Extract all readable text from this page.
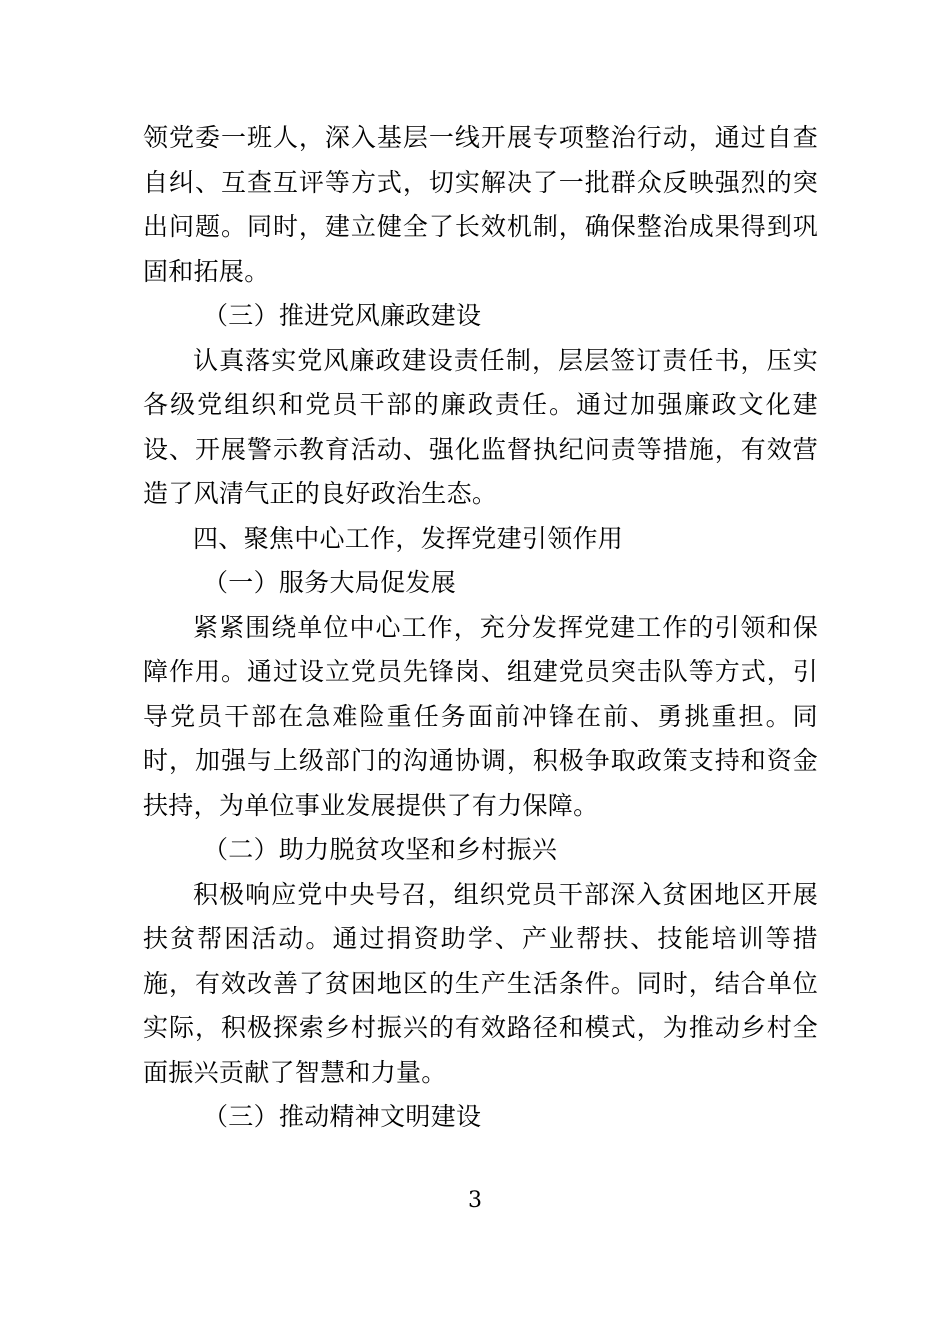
领党委一班人，深入基层一线开展专项整治行动，通过自查自纠、互查互评等方式，切实解决了一批群众反映强烈的突出问题。同时，建立健全了长效机制，确保整治成果得到巩固和拓展。

（三）推进党风廉政建设

认真落实党风廉政建设责任制，层层签订责任书，压实各级党组织和党员干部的廉政责任。通过加强廉政文化建设、开展警示教育活动、强化监督执纪问责等措施，有效营造了风清气正的良好政治生态。

四、聚焦中心工作，发挥党建引领作用

（一）服务大局促发展

紧紧围绕单位中心工作，充分发挥党建工作的引领和保障作用。通过设立党员先锋岗、组建党员突击队等方式，引导党员干部在急难险重任务面前冲锋在前、勇挑重担。同时，加强与上级部门的沟通协调，积极争取政策支持和资金扶持，为单位事业发展提供了有力保障。

（二）助力脱贫攻坚和乡村振兴

积极响应党中央号召，组织党员干部深入贫困地区开展扶贫帮困活动。通过捐资助学、产业帮扶、技能培训等措施，有效改善了贫困地区的生产生活条件。同时，结合单位实际，积极探索乡村振兴的有效路径和模式，为推动乡村全面振兴贡献了智慧和力量。

（三）推动精神文明建设

3
